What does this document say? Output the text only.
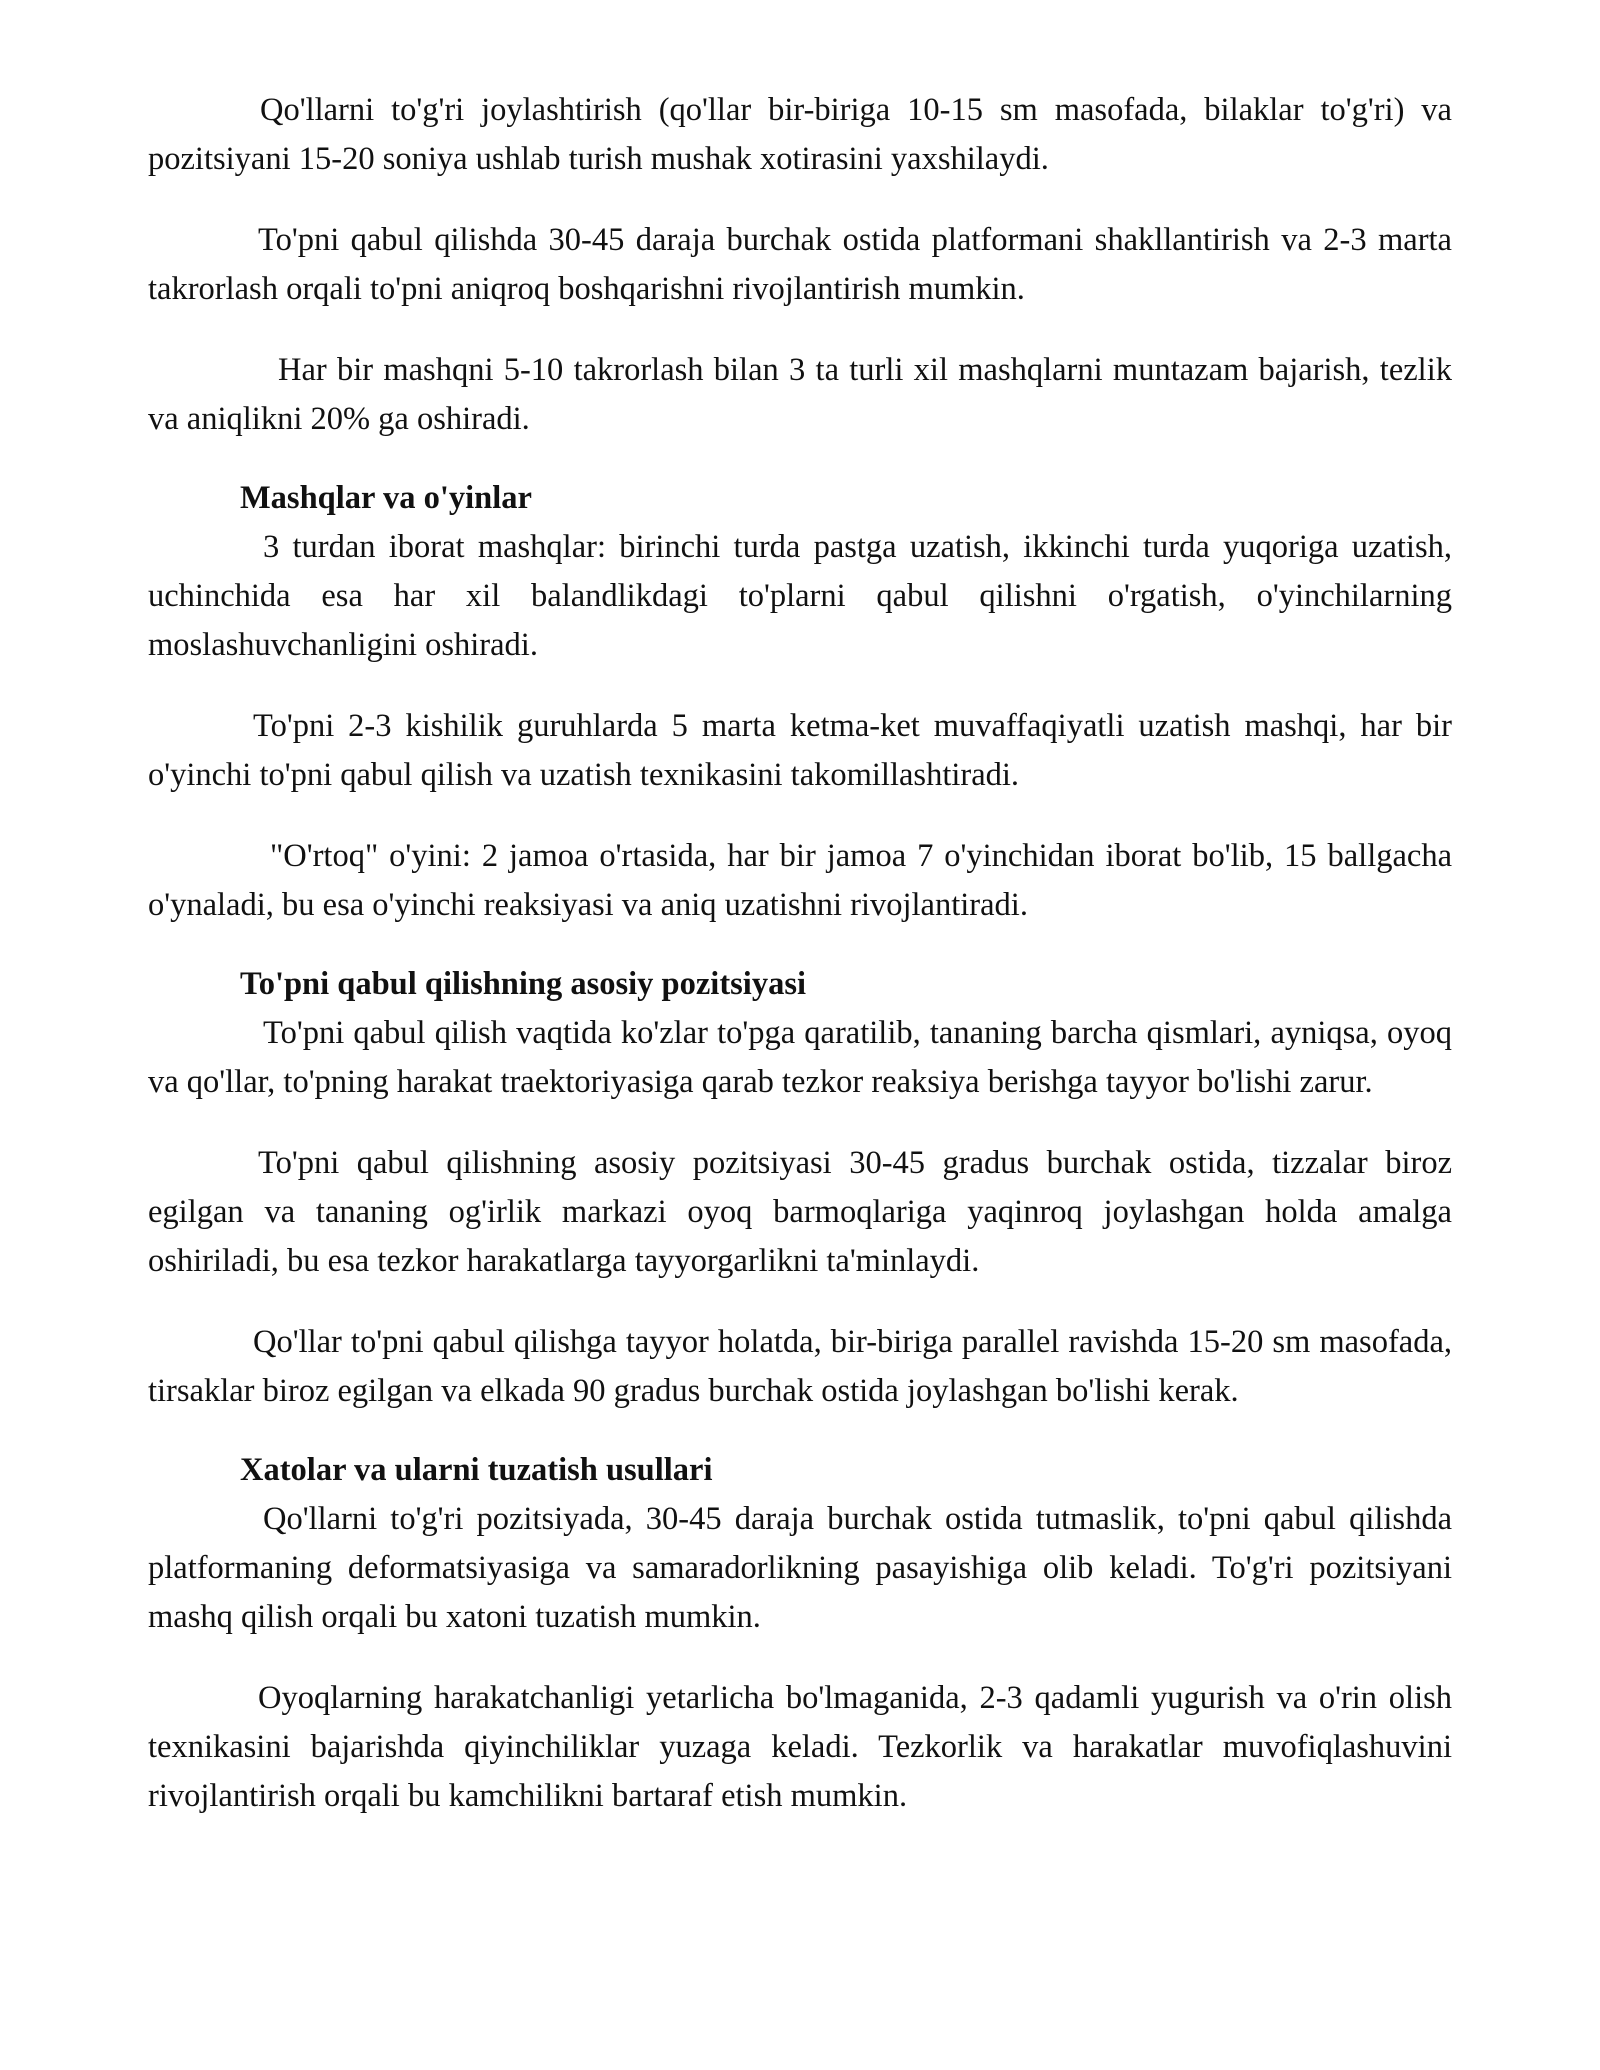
Qo'llarni to'g'ri joylashtirish (qo'llar bir-biriga 10-15 sm masofada, bilaklar to'g'ri) va pozitsiyani 15-20 soniya ushlab turish mushak xotirasini yaxshilaydi.

To'pni qabul qilishda 30-45 daraja burchak ostida platformani shakllantirish va 2-3 marta takrorlash orqali to'pni aniqroq boshqarishni rivojlantirish mumkin.

Har bir mashqni 5-10 takrorlash bilan 3 ta turli xil mashqlarni muntazam bajarish, tezlik va aniqlikni 20% ga oshiradi.

Mashqlar va o'yinlar

3 turdan iborat mashqlar: birinchi turda pastga uzatish, ikkinchi turda yuqoriga uzatish, uchinchida esa har xil balandlikdagi to'plarni qabul qilishni o'rgatish, o'yinchilarning moslashuvchanligini oshiradi.

To'pni 2-3 kishilik guruhlarda 5 marta ketma-ket muvaffaqiyatli uzatish mashqi, har bir o'yinchi to'pni qabul qilish va uzatish texnikasini takomillashtiradi.

"O'rtoq" o'yini: 2 jamoa o'rtasida, har bir jamoa 7 o'yinchidan iborat bo'lib, 15 ballgacha o'ynaladi, bu esa o'yinchi reaksiyasi va aniq uzatishni rivojlantiradi.

To'pni qabul qilishning asosiy pozitsiyasi

To'pni qabul qilish vaqtida ko'zlar to'pga qaratilib, tananing barcha qismlari, ayniqsa, oyoq va qo'llar, to'pning harakat traektoriyasiga qarab tezkor reaksiya berishga tayyor bo'lishi zarur.

To'pni qabul qilishning asosiy pozitsiyasi 30-45 gradus burchak ostida, tizzalar biroz egilgan va tananing og'irlik markazi oyoq barmoqlariga yaqinroq joylashgan holda amalga oshiriladi, bu esa tezkor harakatlarga tayyorgarlikni ta'minlaydi.

Qo'llar to'pni qabul qilishga tayyor holatda, bir-biriga parallel ravishda 15-20 sm masofada, tirsaklar biroz egilgan va elkada 90 gradus burchak ostida joylashgan bo'lishi kerak.

Xatolar va ularni tuzatish usullari

Qo'llarni to'g'ri pozitsiyada, 30-45 daraja burchak ostida tutmaslik, to'pni qabul qilishda platformaning deformatsiyasiga va samaradorlikning pasayishiga olib keladi. To'g'ri pozitsiyani mashq qilish orqali bu xatoni tuzatish mumkin.

Oyoqlarning harakatchanligi yetarlicha bo'lmaganida, 2-3 qadamli yugurish va o'rin olish texnikasini bajarishda qiyinchiliklar yuzaga keladi. Tezkorlik va harakatlar muvofiqlashuvini rivojlantirish orqali bu kamchilikni bartaraf etish mumkin.
